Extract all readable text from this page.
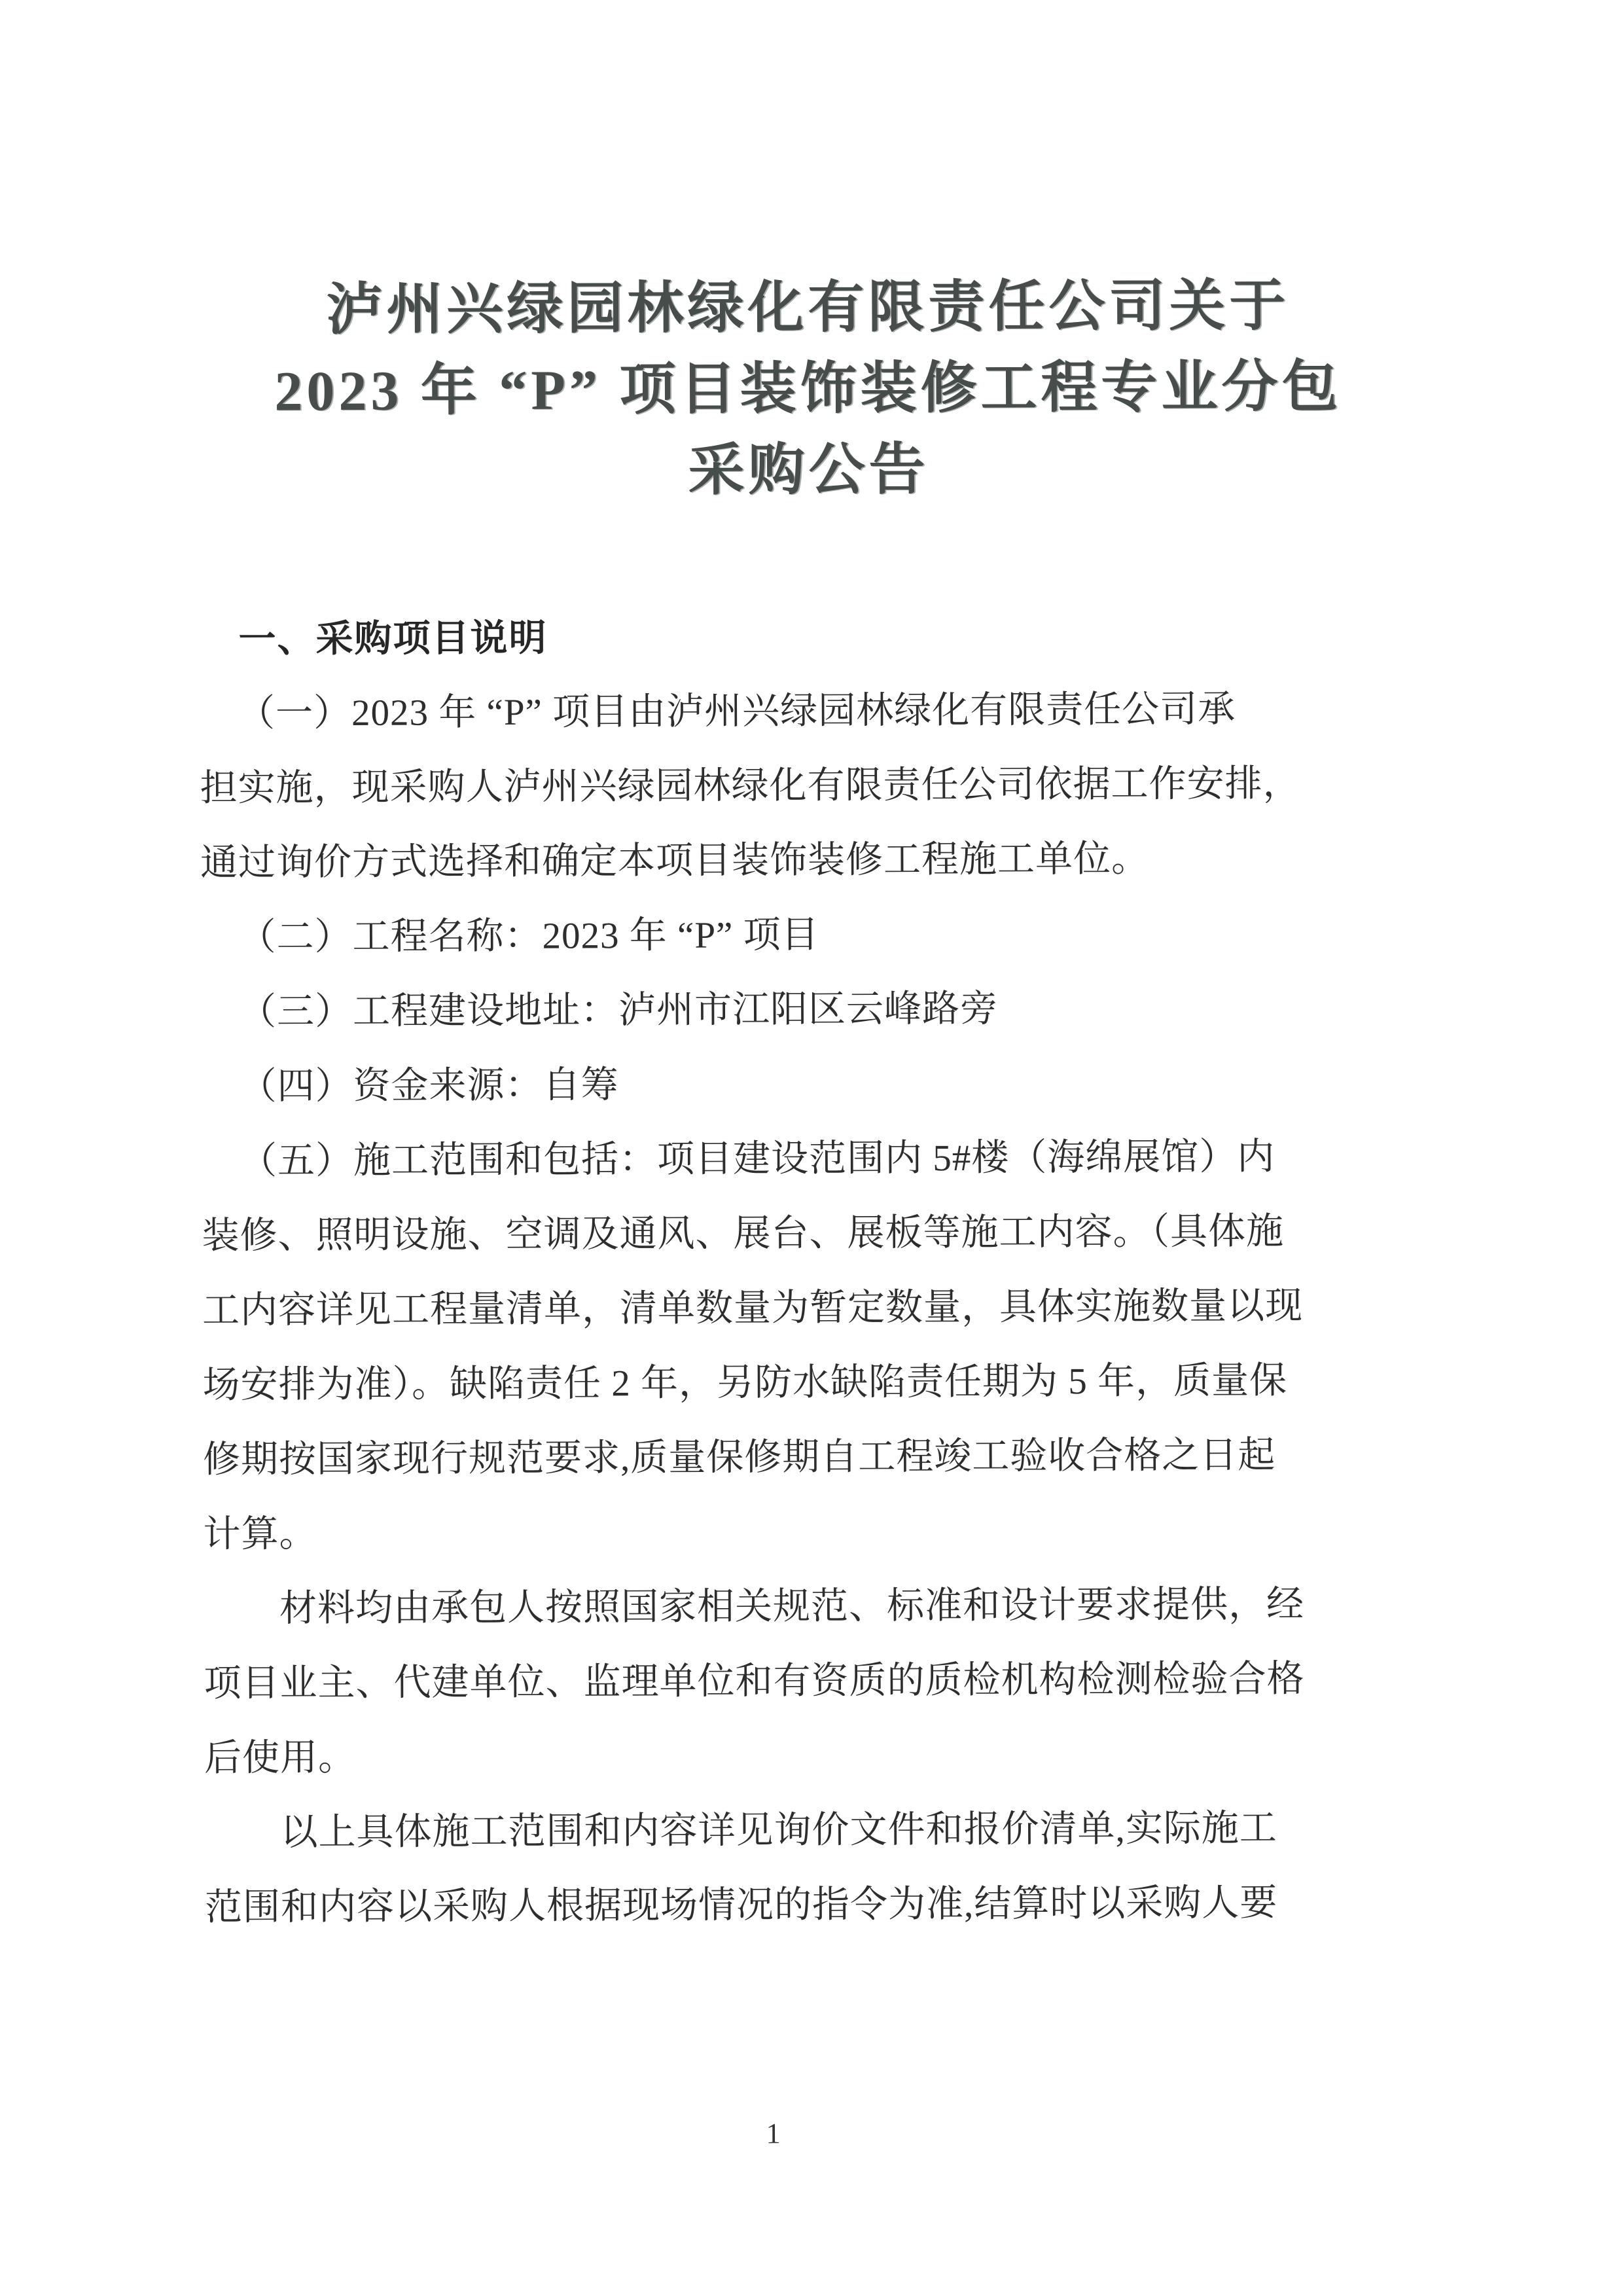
泸州兴绿园林绿化有限责任公司关于
2023 年 “P” 项目装饰装修工程专业分包
采购公告
一、采购项目说明
（一）2023 年 “P” 项目由泸州兴绿园林绿化有限责任公司承
担实施，现采购人泸州兴绿园林绿化有限责任公司依据工作安排，
通过询价方式选择和确定本项目装饰装修工程施工单位。
（二）工程名称：2023 年 “P” 项目
（三）工程建设地址：泸州市江阳区云峰路旁
（四）资金来源：自筹
（五）施工范围和包括：项目建设范围内 5#楼（海绵展馆）内
装修、照明设施、空调及通风、展台、展板等施工内容。（具体施
工内容详见工程量清单，清单数量为暂定数量，具体实施数量以现
场安排为准）。缺陷责任 2 年，另防水缺陷责任期为 5 年，质量保
修期按国家现行规范要求,质量保修期自工程竣工验收合格之日起
计算。
材料均由承包人按照国家相关规范、标准和设计要求提供，经
项目业主、代建单位、监理单位和有资质的质检机构检测检验合格
后使用。
以上具体施工范围和内容详见询价文件和报价清单,实际施工
范围和内容以采购人根据现场情况的指令为准,结算时以采购人要
1
